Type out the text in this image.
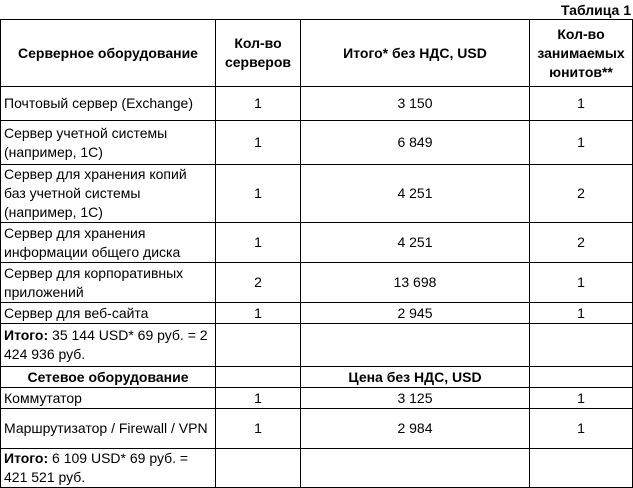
Таблица 1
Серверное оборудование	Кол-во серверов	Итого* без НДС, USD	Кол-во занимаемых юнитов**
Почтовый сервер (Exchange)	1	3 150	1
Сервер учетной системы (например, 1С)	1	6 849	1
Сервер для хранения копий баз учетной системы (например, 1С)	1	4 251	2
Сервер для хранения информации общего диска	1	4 251	2
Сервер для корпоративных приложений	2	13 698	1
Сервер для веб-сайта	1	2 945	1
Итого: 35 144 USD* 69 руб. = 2 424 936 руб.			
Сетевое оборудование		Цена без НДС, USD	
Коммутатор	1	3 125	1
Маршрутизатор / Firewall / VPN	1	2 984	1
Итого: 6 109 USD* 69 руб. = 421 521 руб.			
